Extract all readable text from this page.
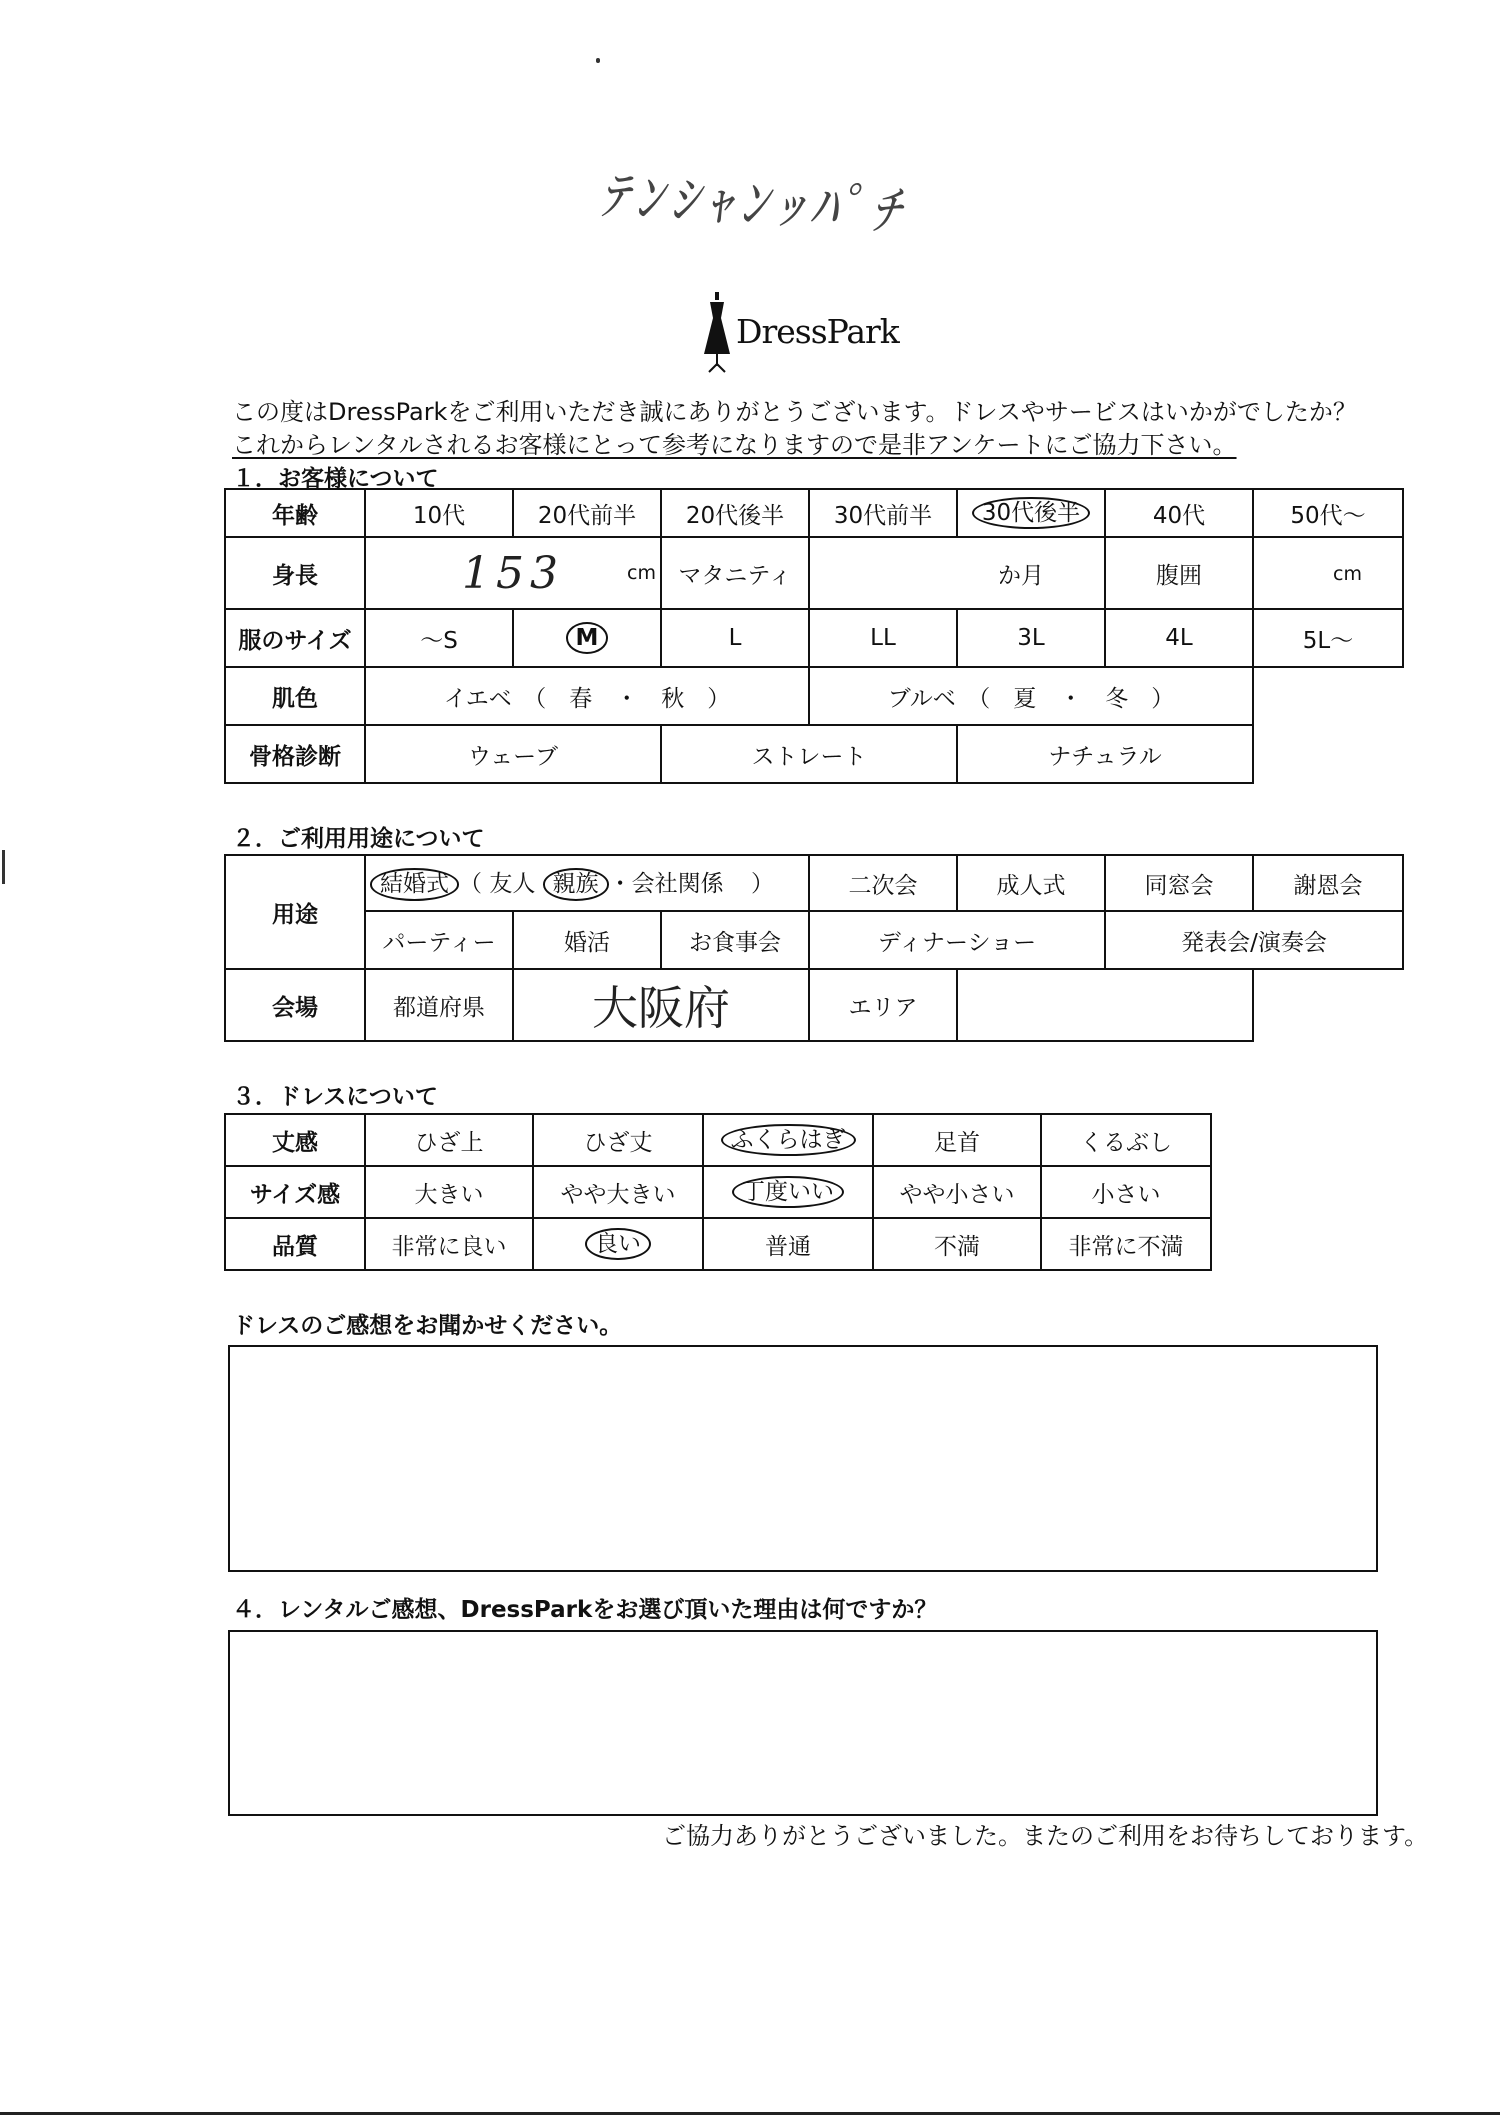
ﾃﾝｼｬﾝｯﾊﾟﾁ
DressPark
この度はDressParkをご利用いただき誠にありがとうございます。ドレスやサービスはいかがでしたか？
これからレンタルされるお客様にとって参考になりますので是非アンケートにご協力下さい。
１．お客様について
年齢	10代	20代前半	20代後半	30代前半	30代後半	40代	50代～
身長	153 cm		マタニティ	か月		腹囲	cm
服のサイズ	～S	M	L	LL	3L	4L	5L～
肌色	イエベ　（　春　・　秋　）			ブルベ　（　夏　・　冬　）			
骨格診断	ウェーブ		ストレート		ナチュラル		
２．ご利用用途について
用途	結婚式 （ 友人 親族 ・会社関係 ）			二次会	成人式	同窓会	謝恩会
	パーティー	婚活	お食事会	ディナーショー		発表会/演奏会	
会場	都道府県	大阪府		エリア			
３．ドレスについて
丈感	ひざ上	ひざ丈	ふくらはぎ	足首	くるぶし
サイズ感	大きい	やや大きい	丁度いい	やや小さい	小さい
品質	非常に良い	良い	普通	不満	非常に不満
ドレスのご感想をお聞かせください。
４．レンタルご感想、DressParkをお選び頂いた理由は何ですか？
ご協力ありがとうございました。またのご利用をお待ちしております。
